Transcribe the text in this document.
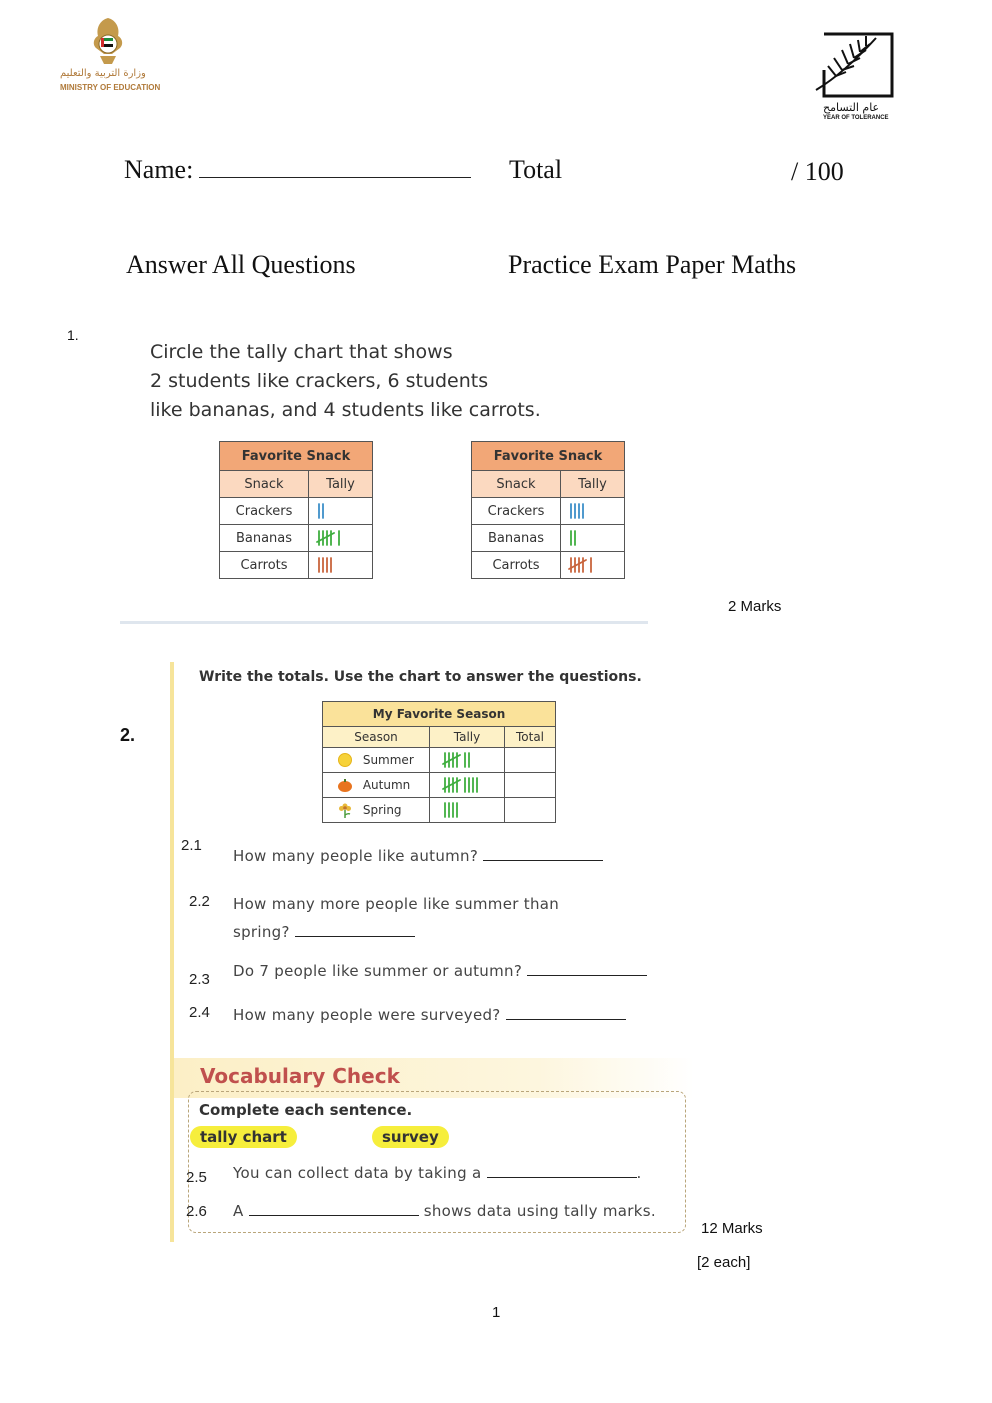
وزارة التربية والتعليم
MINISTRY OF EDUCATION
عام التسامح
YEAR OF TOLERANCE
Name:	Total	/ 100
Answer All Questions	Practice Exam Paper Maths
1.
Circle the tally chart that shows
2 students like crackers, 6 students
like bananas, and 4 students like carrots.
Favorite Snack	
Snack	Tally
Crackers	
Bananas	
Carrots	
Favorite Snack	
Snack	Tally
Crackers	
Bananas	
Carrots	
2 Marks
Write the totals. Use the chart to answer the questions.
2.
My Favorite Season		
Season	Tally	Total
Summer		
Autumn		
Spring		
2.1
How many people like autumn?
2.2 How many more people like summer than
spring?
2.3 Do 7 people like summer or autumn?
2.4 How many people were surveyed?
Vocabulary Check
Complete each sentence.
tally chart	survey
2.5 You can collect data by taking a	.
2.6 A	shows data using tally marks.
12 Marks
[2 each]
1
